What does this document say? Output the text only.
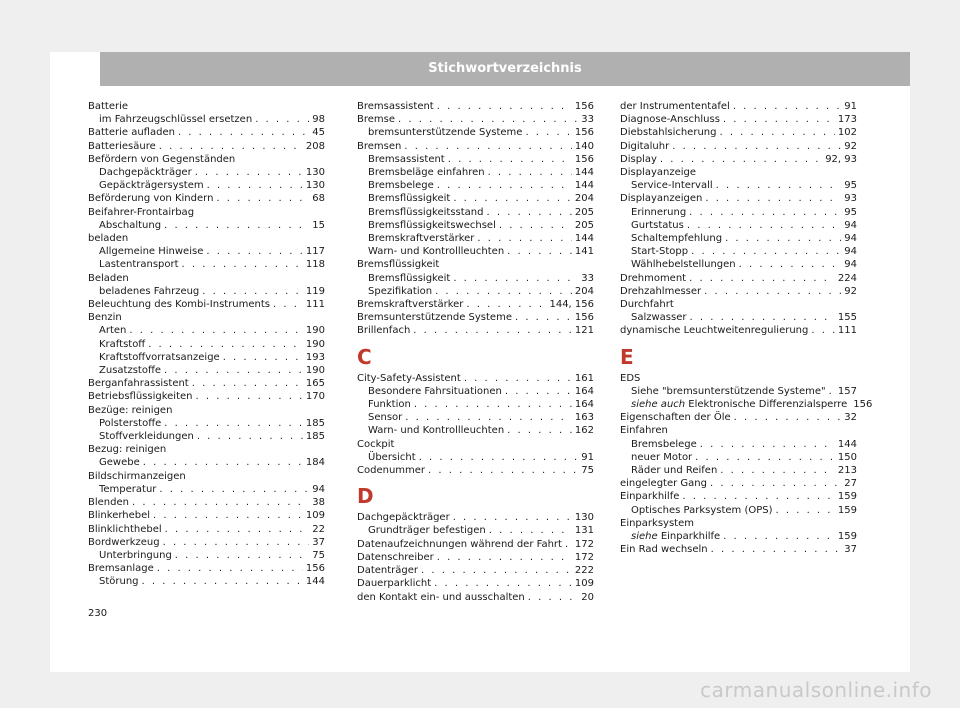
Stichwortverzeichnis
Batterie
im Fahrzeugschlüssel ersetzen . . .	98
Batterie aufladen . . .	45
Batteriesäure . . .	208
Befördern von Gegenständen
Dachgepäckträger . . .	130
Gepäckträgersystem . . .	130
Beförderung von Kindern . . .	68
Beifahrer-Frontairbag
Abschaltung . . .	15
beladen
Allgemeine Hinweise . . .	117
Lastentransport . . .	118
Beladen
beladenes Fahrzeug . . .	119
Beleuchtung des Kombi-Instruments . . .	111
Benzin
Arten . . .	190
Kraftstoff . . .	190
Kraftstoffvorratsanzeige . . .	193
Zusatzstoffe . . .	190
Berganfahrassistent . . .	165
Betriebsflüssigkeiten . . .	170
Bezüge: reinigen
Polsterstoffe . . .	185
Stoffverkleidungen . . .	185
Bezug: reinigen
Gewebe . . .	184
Bildschirmanzeigen
Temperatur . . .	94
Blenden . . .	38
Blinkerhebel . . .	109
Blinklichthebel . . .	22
Bordwerkzeug . . .	37
Unterbringung . . .	75
Bremsanlage . . .	156
Störung . . .	144
Bremsassistent . . .	156
Bremse . . .	33
bremsunterstützende Systeme . . .	156
Bremsen . . .	140
Bremsassistent . . .	156
Bremsbeläge einfahren . . .	144
Bremsbelege . . .	144
Bremsflüssigkeit . . .	204
Bremsflüssigkeitsstand . . .	205
Bremsflüssigkeitswechsel . . .	205
Bremskraftverstärker . . .	144
Warn- und Kontrollleuchten . . .	141
Bremsflüssigkeit
Bremsflüssigkeit . . .	33
Spezifikation . . .	204
Bremskraftverstärker . . .	144, 156
Bremsunterstützende Systeme . . .	156
Brillenfach . . .	121
C
City-Safety-Assistent . . .	161
Besondere Fahrsituationen . . .	164
Funktion . . .	164
Sensor . . .	163
Warn- und Kontrollleuchten . . .	162
Cockpit
Übersicht . . .	91
Codenummer . . .	75
D
Dachgepäckträger . . .	130
Grundträger befestigen . . .	131
Datenaufzeichnungen während der Fahrt . . . 172
Datenschreiber . . .	172
Datenträger . . .	222
Dauerparklicht . . .	109
den Kontakt ein- und ausschalten . . .	20
der Instrumententafel . . .	91
Diagnose-Anschluss . . .	173
Diebstahlsicherung . . .	102
Digitaluhr . . .	92
Display . . .	92, 93
Displayanzeige
Service-Intervall . . .	95
Displayanzeigen . . .	93
Erinnerung . . .	95
Gurtstatus . . .	94
Schaltempfehlung . . .	94
Start-Stopp . . .	94
Wählhebelstellungen . . .	94
Drehmoment . . .	224
Drehzahlmesser . . .	92
Durchfahrt
Salzwasser . . .	155
dynamische Leuchtweitenregulierung . . .	111
E
EDS
Siehe "bremsunterstützende Systeme" . . . 157
siehe auch Elektronische Differenzialsperre 156
Eigenschaften der Öle . . .	32
Einfahren
Bremsbelege . . .	144
neuer Motor . . .	150
Räder und Reifen . . .	213
eingelegter Gang . . .	27
Einparkhilfe . . .	159
Optisches Parksystem (OPS) . . .	159
Einparksystem
siehe Einparkhilfe . . .	159
Ein Rad wechseln . . .	37
230
carmanualsonline.info
